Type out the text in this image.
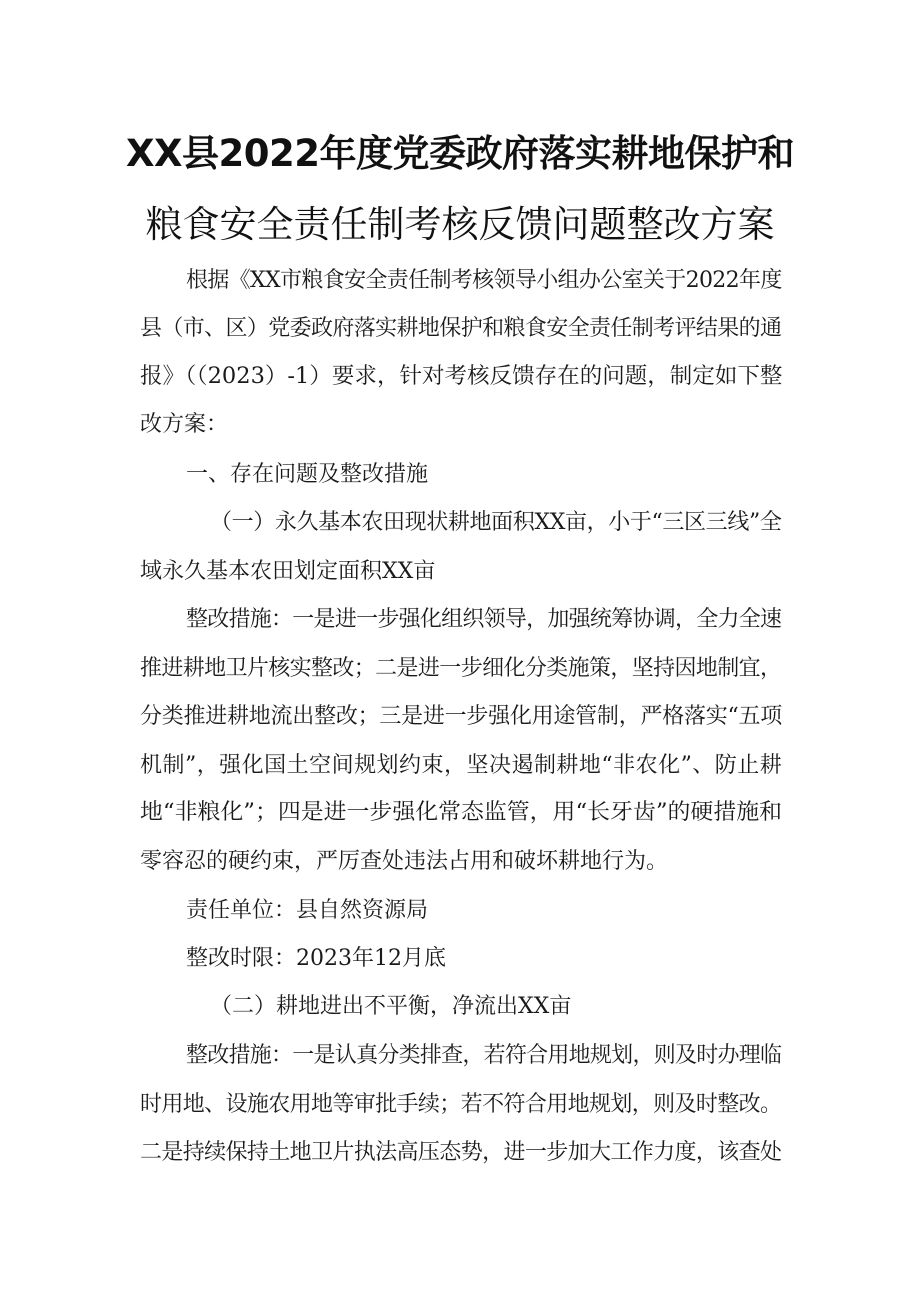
XX县2022年度党委政府落实耕地保护和
粮食安全责任制考核反馈问题整改方案
根据《XX市粮食安全责任制考核领导小组办公室关于2022年度
县（市、区）党委政府落实耕地保护和粮食安全责任制考评结果的通
报》（（2023）-1）要求，针对考核反馈存在的问题，制定如下整
改方案：
一、存在问题及整改措施
（一）永久基本农田现状耕地面积XX亩，小于“三区三线”全
域永久基本农田划定面积XX亩
整改措施：一是进一步强化组织领导，加强统筹协调，全力全速
推进耕地卫片核实整改；二是进一步细化分类施策，坚持因地制宜，
分类推进耕地流出整改；三是进一步强化用途管制，严格落实“五项
机制”，强化国土空间规划约束，坚决遏制耕地“非农化”、防止耕
地“非粮化”；四是进一步强化常态监管，用“长牙齿”的硬措施和
零容忍的硬约束，严厉查处违法占用和破坏耕地行为。
责任单位：县自然资源局
整改时限：2023年12月底
（二）耕地进出不平衡，净流出XX亩
整改措施：一是认真分类排查，若符合用地规划，则及时办理临
时用地、设施农用地等审批手续；若不符合用地规划，则及时整改。
二是持续保持土地卫片执法高压态势，进一步加大工作力度，该查处
